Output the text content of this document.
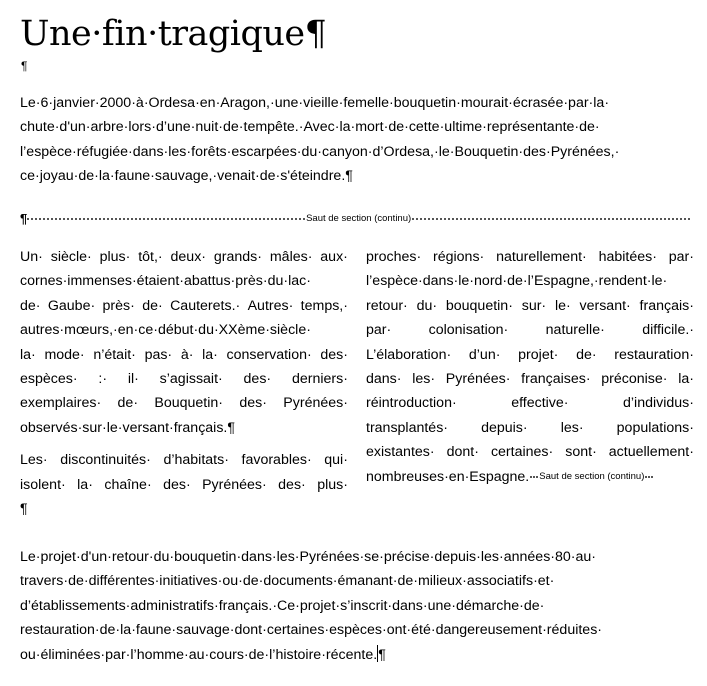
Une·fin·tragique¶
¶
Le·6·janvier·2000·à·Ordesa·en·Aragon,·une·vieille·femelle·bouquetin·mourait·écrasée·par·la·
chute·d'un·arbre·lors·d’une·nuit·de·tempête.·Avec·la·mort·de·cette·ultime·représentante·de·
l’espèce·réfugiée·dans·les·forêts·escarpées·du·canyon·d’Ordesa,·le·Bouquetin·des·Pyrénées,·
ce·joyau·de·la·faune·sauvage,·venait·de·s'éteindre.¶
¶	Saut de section (continu)
Un· siècle· plus· tôt,· deux· grands· mâles· aux·
cornes·immenses·étaient·abattus·près·du·lac·
de· Gaube· près· de· Cauterets.· Autres· temps,·
autres·mœurs,·en·ce·début·du·XXème·siècle·
la· mode· n’était· pas· à· la· conservation· des·
espèces· :· il· s’agissait· des· derniers·
exemplaires· de· Bouquetin· des· Pyrénées·
observés·sur·le·versant·français.¶
Les· discontinuités· d’habitats· favorables· qui·
isolent· la· chaîne· des· Pyrénées· des· plus·
¶
proches· régions· naturellement· habitées· par·
l’espèce·dans·le·nord·de·l’Espagne,·rendent·le·
retour· du· bouquetin· sur· le· versant· français·
par·	colonisation·	naturelle·	difficile.·
L’élaboration· d’un· projet· de· restauration·
dans· les· Pyrénées· françaises· préconise· la·
réintroduction·	effective·	d’individus·
transplantés· depuis· les· populations·
existantes· dont· certaines· sont· actuellement·
nombreuses·en·Espagne. Saut de section (continu)
Le·projet·d'un·retour·du·bouquetin·dans·les·Pyrénées·se·précise·depuis·les·années·80·au·
travers·de·différentes·initiatives·ou·de·documents·émanant·de·milieux·associatifs·et·
d’établissements·administratifs·français.·Ce·projet·s’inscrit·dans·une·démarche·de·
restauration·de·la·faune·sauvage·dont·certaines·espèces·ont·été·dangereusement·réduites·
ou·éliminées·par·l’homme·au·cours·de·l’histoire·récente.¶
